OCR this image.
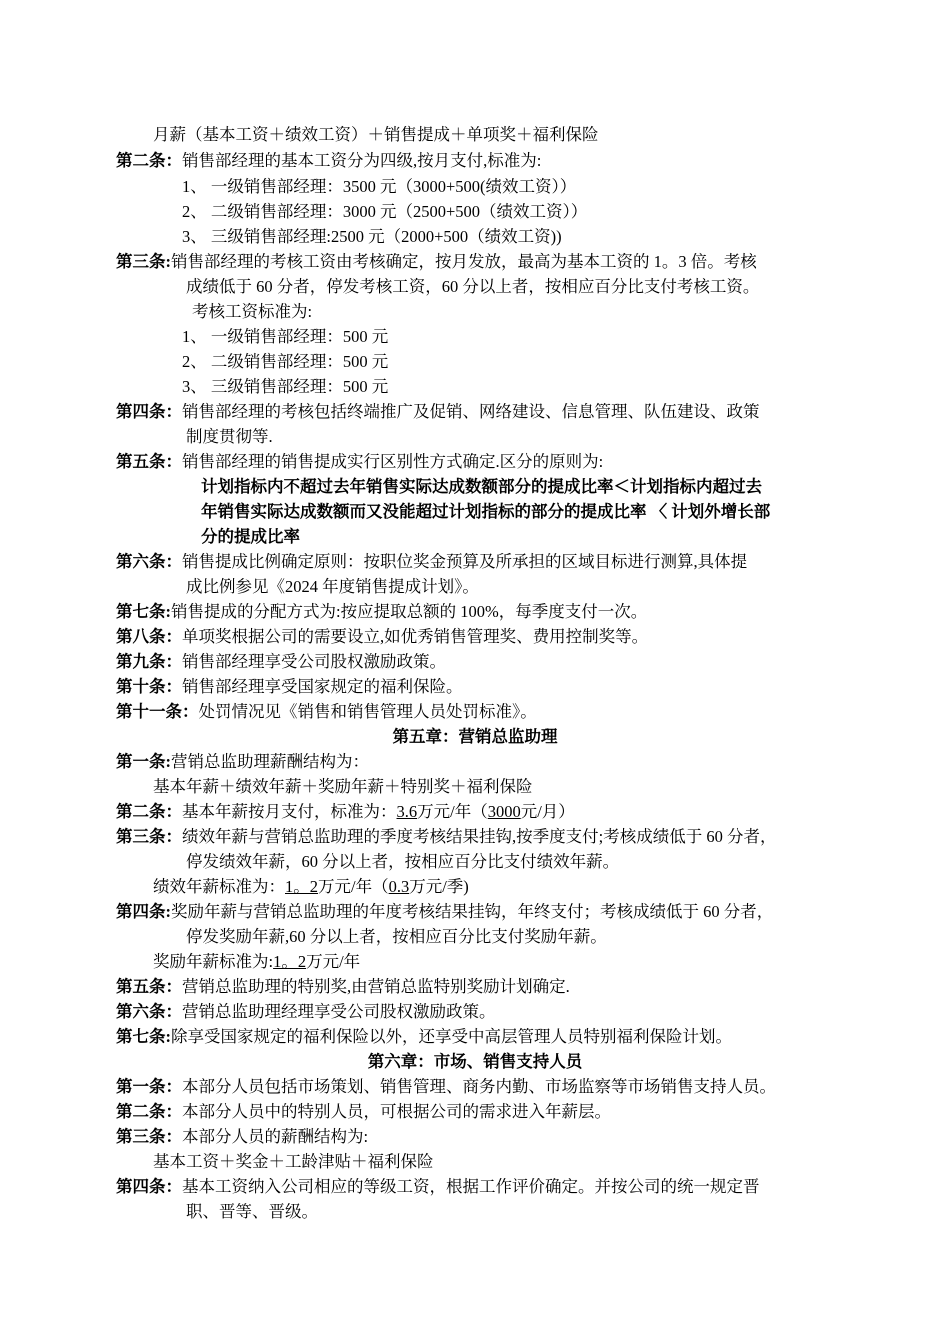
月薪（基本工资＋绩效工资）＋销售提成＋单项奖＋福利保险
第二条：销售部经理的基本工资分为四级,按月支付,标准为:
1、 一级销售部经理：3500 元（3000+500(绩效工资））
2、 二级销售部经理：3000 元（2500+500（绩效工资））
3、 三级销售部经理:2500 元（2000+500（绩效工资))
第三条:销售部经理的考核工资由考核确定，按月发放，最高为基本工资的 1。3 倍。考核
成绩低于 60 分者，停发考核工资，60 分以上者，按相应百分比支付考核工资。
考核工资标准为:
1、 一级销售部经理：500 元
2、 二级销售部经理：500 元
3、 三级销售部经理：500 元
第四条：销售部经理的考核包括终端推广及促销、网络建设、信息管理、队伍建设、政策
制度贯彻等.
第五条：销售部经理的销售提成实行区别性方式确定.区分的原则为:
计划指标内不超过去年销售实际达成数额部分的提成比率＜计划指标内超过去
年销售实际达成数额而又没能超过计划指标的部分的提成比率 〈 计划外增长部
分的提成比率
第六条：销售提成比例确定原则：按职位奖金预算及所承担的区域目标进行测算,具体提
成比例参见《2024 年度销售提成计划》。
第七条:销售提成的分配方式为:按应提取总额的 100%，每季度支付一次。
第八条：单项奖根据公司的需要设立,如优秀销售管理奖、费用控制奖等。
第九条：销售部经理享受公司股权激励政策。
第十条：销售部经理享受国家规定的福利保险。
第十一条：处罚情况见《销售和销售管理人员处罚标准》。
第五章：营销总监助理
第一条:营销总监助理薪酬结构为：
基本年薪＋绩效年薪＋奖励年薪＋特别奖＋福利保险
第二条：基本年薪按月支付，标准为：3.6万元/年（3000元/月）
第三条：绩效年薪与营销总监助理的季度考核结果挂钩,按季度支付;考核成绩低于 60 分者，
停发绩效年薪，60 分以上者，按相应百分比支付绩效年薪。
绩效年薪标准为：1。2万元/年（0.3万元/季)
第四条:奖励年薪与营销总监助理的年度考核结果挂钩，年终支付；考核成绩低于 60 分者，
停发奖励年薪,60 分以上者，按相应百分比支付奖励年薪。
奖励年薪标准为:1。2万元/年
第五条：营销总监助理的特别奖,由营销总监特别奖励计划确定.
第六条：营销总监助理经理享受公司股权激励政策。
第七条:除享受国家规定的福利保险以外，还享受中高层管理人员特别福利保险计划。
第六章：市场、销售支持人员
第一条：本部分人员包括市场策划、销售管理、商务内勤、市场监察等市场销售支持人员。
第二条：本部分人员中的特别人员，可根据公司的需求进入年薪层。
第三条：本部分人员的薪酬结构为:
基本工资＋奖金＋工龄津贴＋福利保险
第四条：基本工资纳入公司相应的等级工资，根据工作评价确定。并按公司的统一规定晋
职、晋等、晋级。
